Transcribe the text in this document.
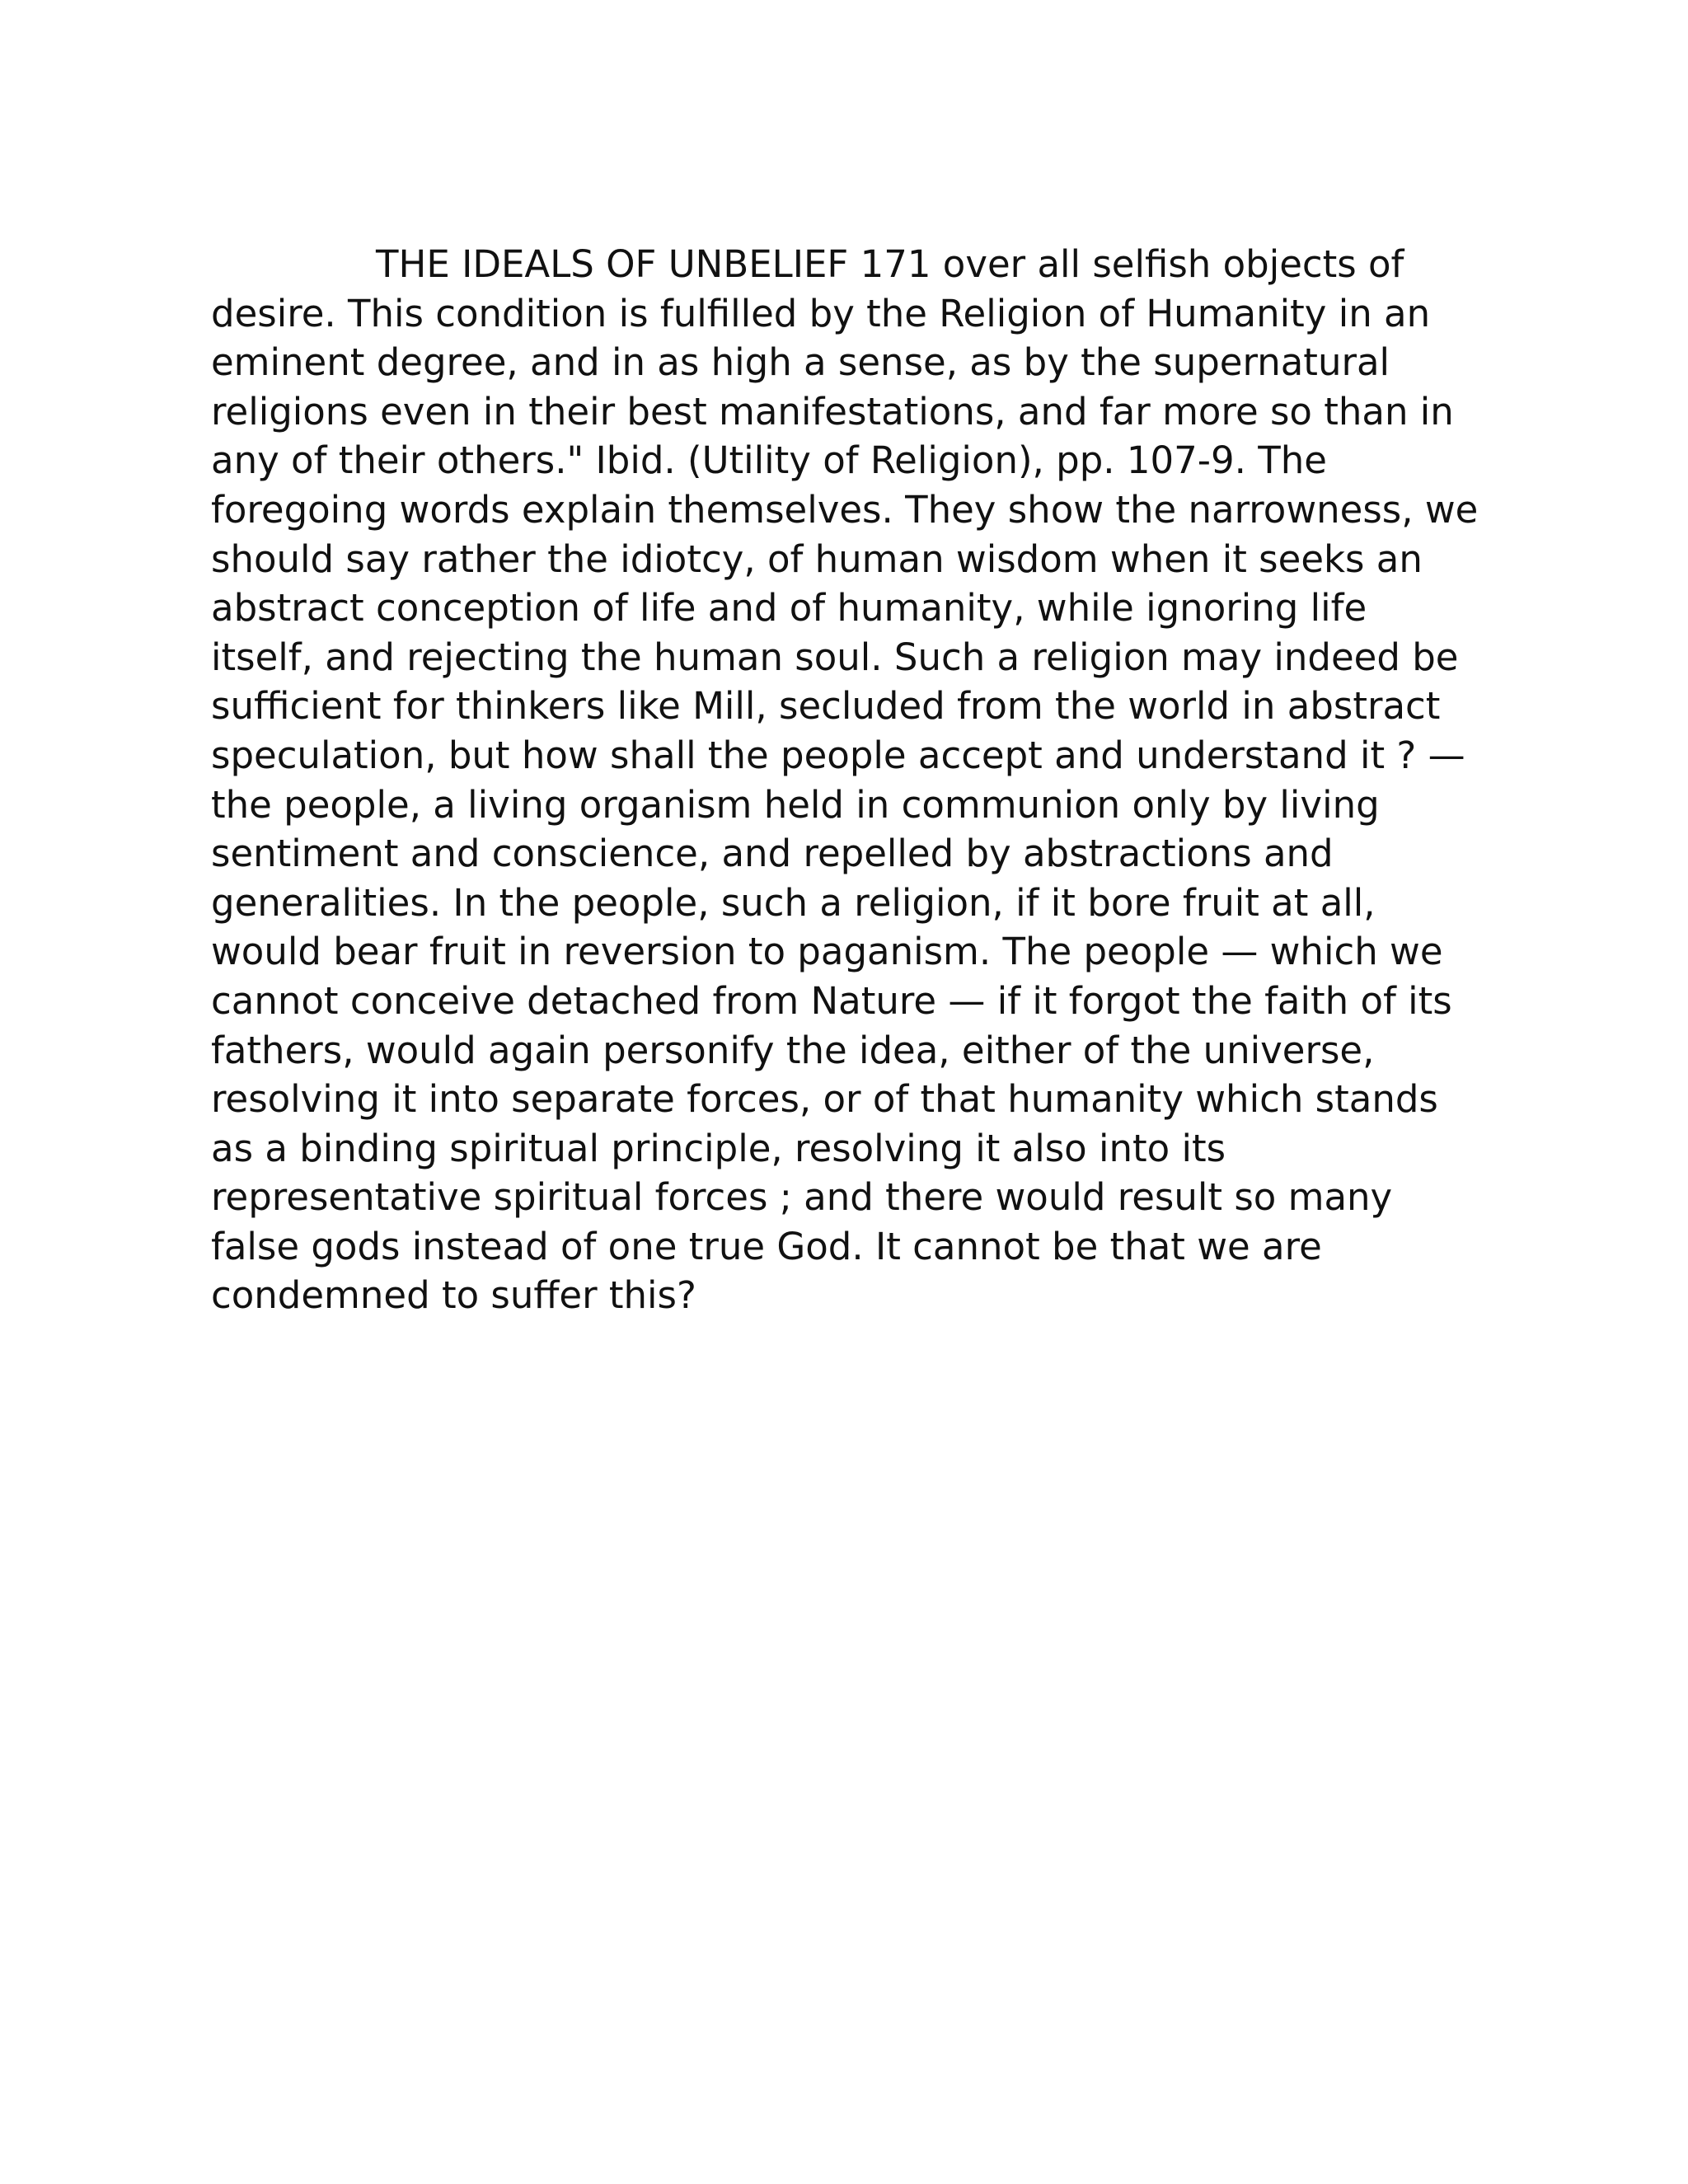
THE IDEALS OF UNBELIEF 171 over all selfish objects of desire. This condition is fulfilled by the Religion of Humanity in an eminent degree, and in as high a sense, as by the supernatural religions even in their best manifestations, and far more so than in any of their others." Ibid. (Utility of Religion), pp. 107-9. The foregoing words explain themselves. They show the narrowness, we should say rather the idiotcy, of human wisdom when it seeks an abstract conception of life and of humanity, while ignoring life itself, and rejecting the human soul. Such a religion may indeed be sufficient for thinkers like Mill, secluded from the world in abstract speculation, but how shall the people accept and understand it ? — the people, a living organism held in communion only by living sentiment and conscience, and repelled by abstractions and generalities. In the people, such a religion, if it bore fruit at all, would bear fruit in reversion to paganism. The people — which we cannot conceive detached from Nature — if it forgot the faith of its fathers, would again personify the idea, either of the universe, resolving it into separate forces, or of that humanity which stands as a binding spiritual principle, resolving it also into its representative spiritual forces ; and there would result so many false gods instead of one true God. It cannot be that we are condemned to suffer this?
